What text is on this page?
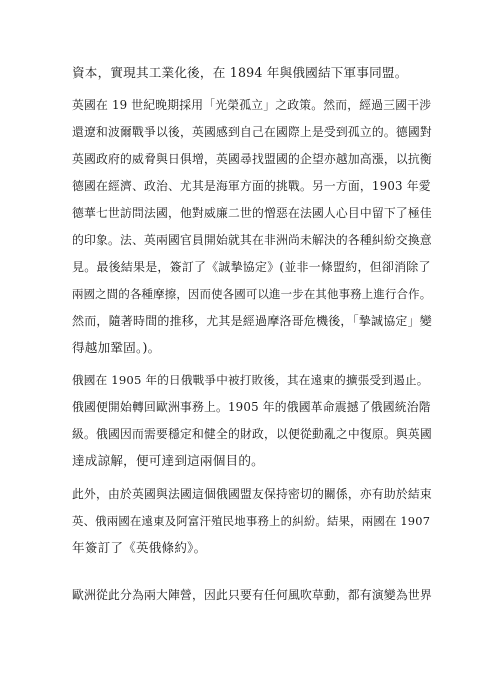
資本，實現其工業化後，在 1894 年與俄國結下軍事同盟。
英國在 19 世紀晚期採用「光榮孤立」之政策。然而，經過三國干涉
還遼和波爾戰爭以後，英國感到自己在國際上是受到孤立的。德國對
英國政府的威脅與日俱增，英國尋找盟國的企望亦越加高漲，以抗衡
德國在經濟、政治、尤其是海軍方面的挑戰。另一方面，1903 年愛
德華七世訪問法國，他對威廉二世的憎惡在法國人心目中留下了極佳
的印象。法、英兩國官員開始就其在非洲尚未解決的各種糾紛交換意
見。最後結果是，簽訂了《誠摯協定》(並非一條盟約，但卻消除了
兩國之間的各種摩擦，因而使各國可以進一步在其他事務上進行合作。
然而，隨著時間的推移，尤其是經過摩洛哥危機後，「摯誠協定」變
得越加鞏固。)。
俄國在 1905 年的日俄戰爭中被打敗後，其在遠東的擴張受到遏止。
俄國便開始轉回歐洲事務上。1905 年的俄國革命震撼了俄國統治階
級。俄國因而需要穩定和健全的財政，以便從動亂之中復原。與英國
達成諒解，便可達到這兩個目的。
此外，由於英國與法國這個俄國盟友保持密切的關係，亦有助於結束
英、俄兩國在遠東及阿富汗殖民地事務上的糾紛。結果，兩國在 1907
年簽訂了《英俄條約》。
歐洲從此分為兩大陣營，因此只要有任何風吹草動，都有演變為世界
